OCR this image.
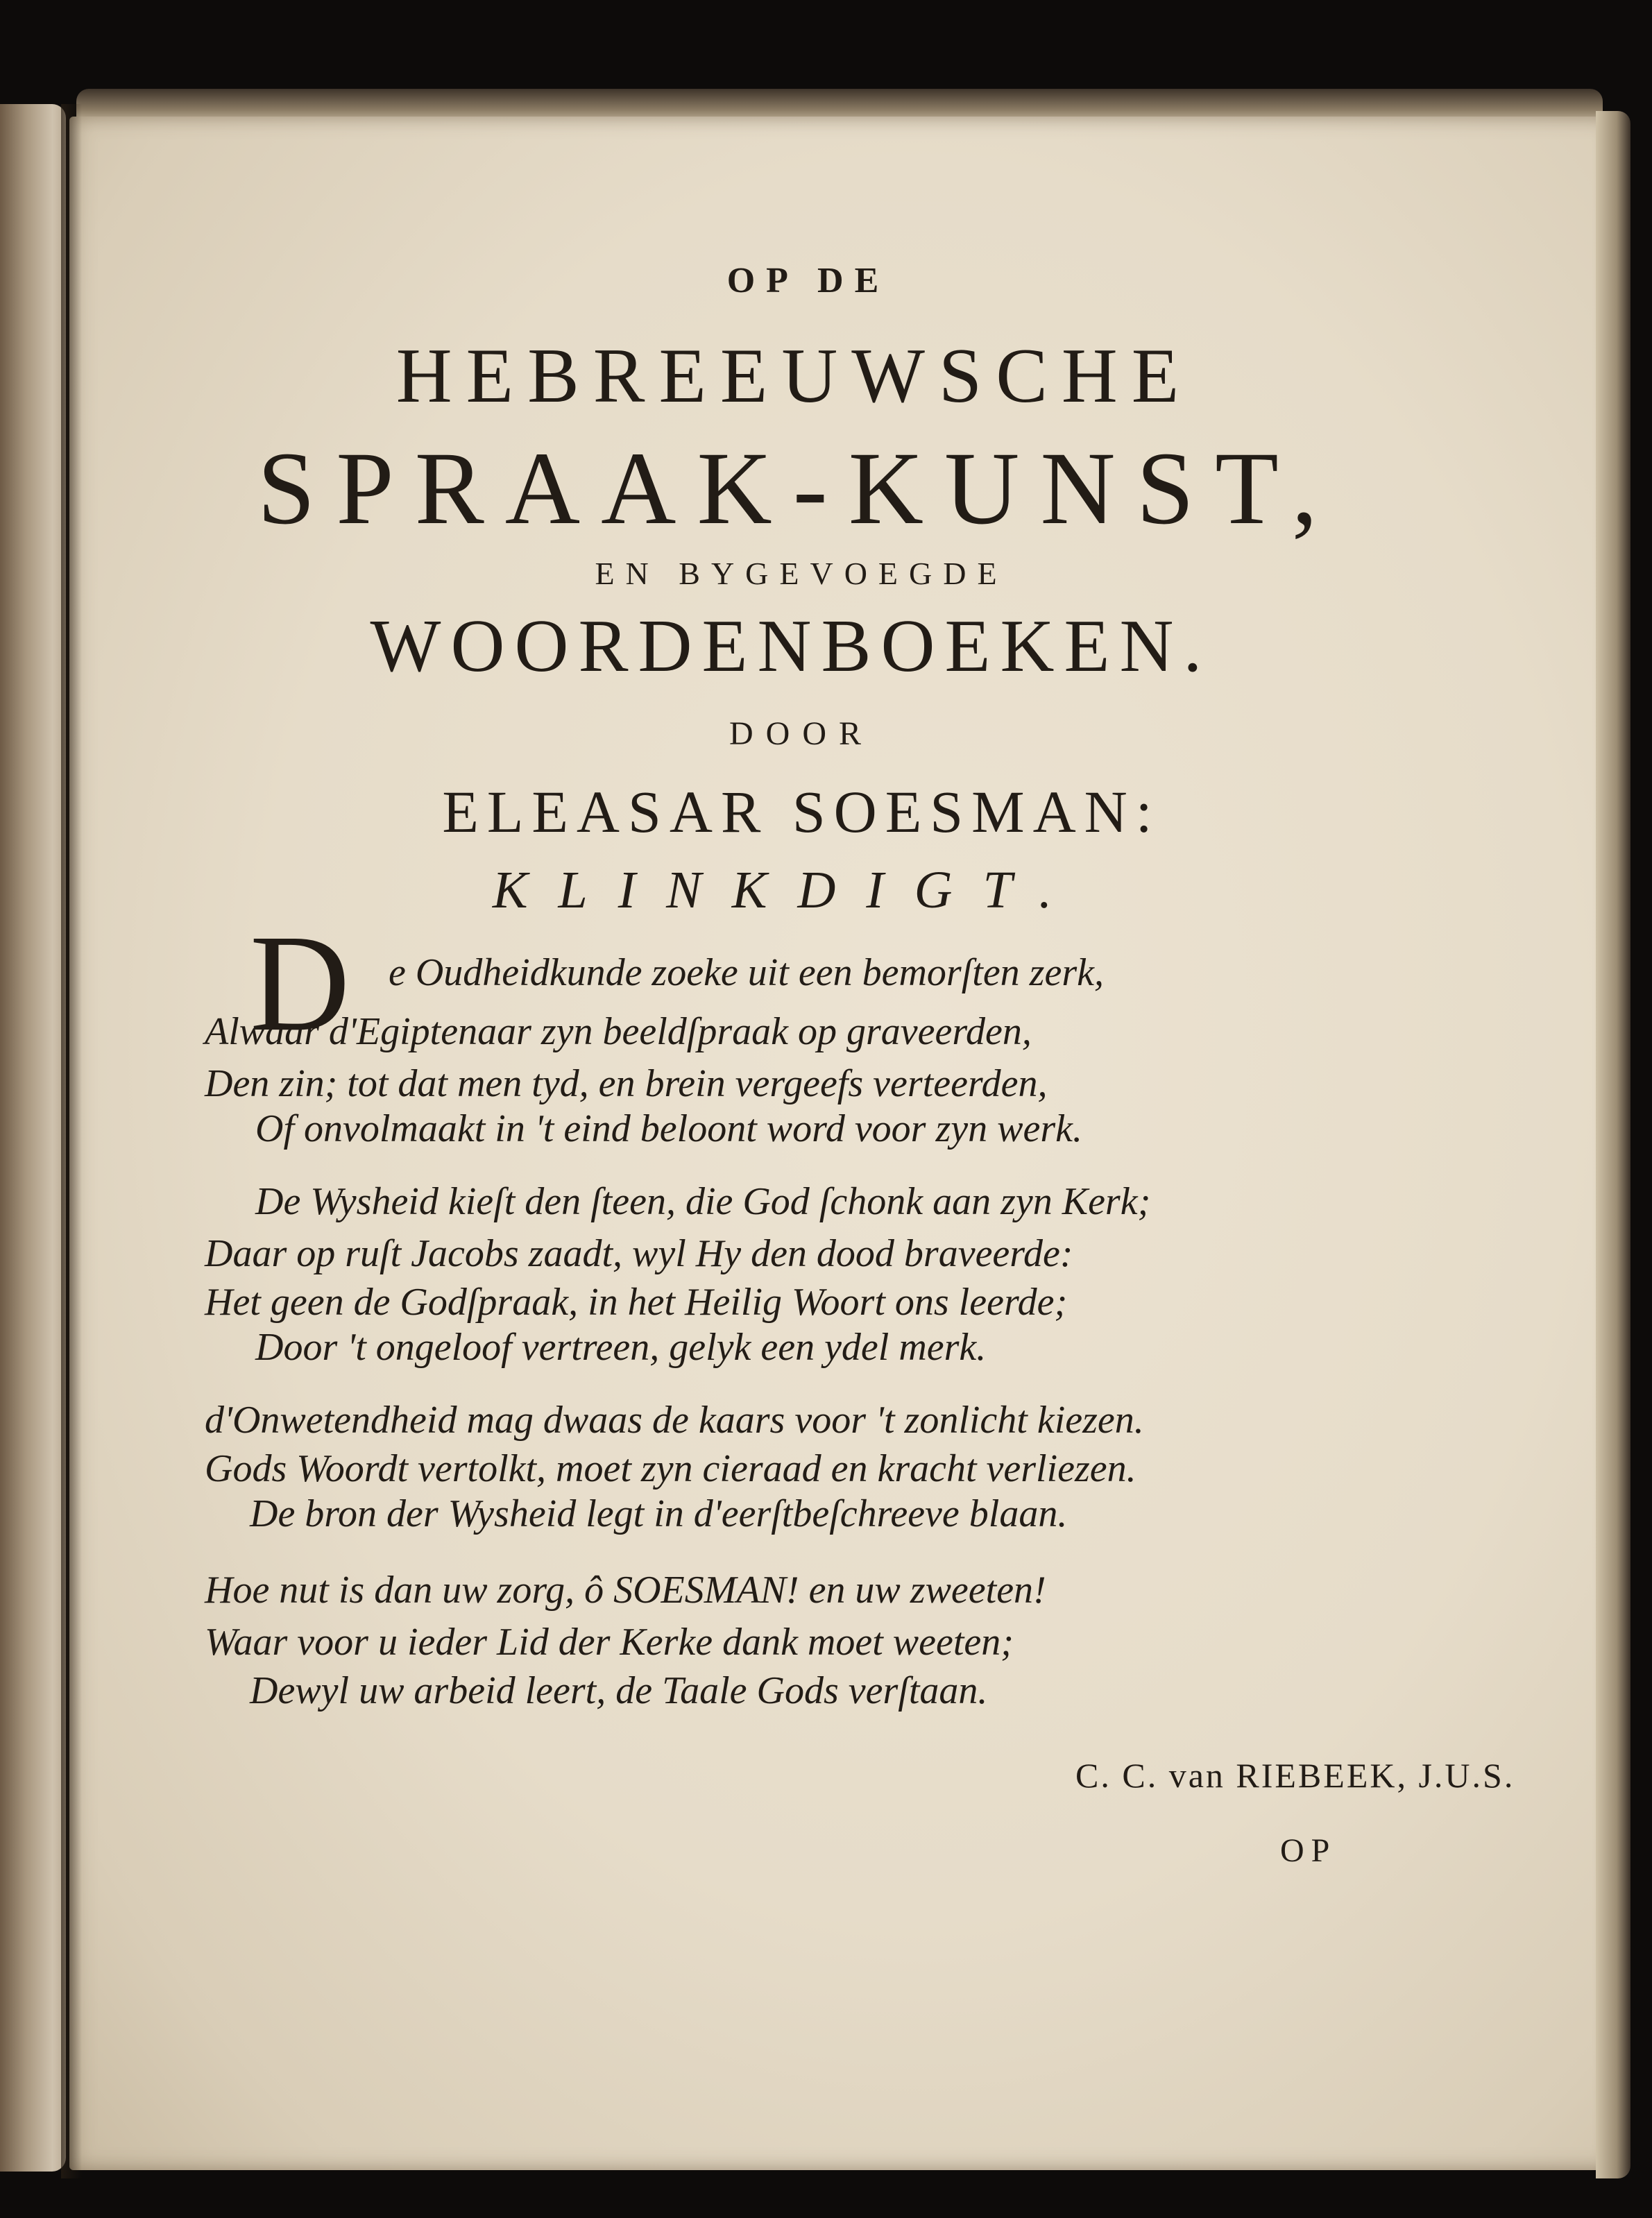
OP DE
HEBREEUWSCHE
SPRAAK-KUNST,
EN BYGEVOEGDE
WOORDENBOEKEN.
DOOR
ELEASAR SOESMAN:
KLINKDIGT.
D e Oudheidkunde zoeke uit een bemorſten zerk,
Alwaar d'Egiptenaar zyn beeldſpraak op graveerden,
Den zin; tot dat men tyd, en brein vergeefs verteerden,
Of onvolmaakt in 't eind beloont word voor zyn werk.
De Wysheid kieſt den ſteen, die God ſchonk aan zyn Kerk;
Daar op ruſt Jacobs zaadt, wyl Hy den dood braveerde:
Het geen de Godſpraak, in het Heilig Woort ons leerde;
Door 't ongeloof vertreen, gelyk een ydel merk.
d'Onwetendheid mag dwaas de kaars voor 't zonlicht kiezen.
Gods Woordt vertolkt, moet zyn cieraad en kracht verliezen.
De bron der Wysheid legt in d'eerſtbeſchreeve blaan.
Hoe nut is dan uw zorg, ô SOESMAN! en uw zweeten!
Waar voor u ieder Lid der Kerke dank moet weeten;
Dewyl uw arbeid leert, de Taale Gods verſtaan.
C. C. van RIEBEEK, J.U.S.
OP
